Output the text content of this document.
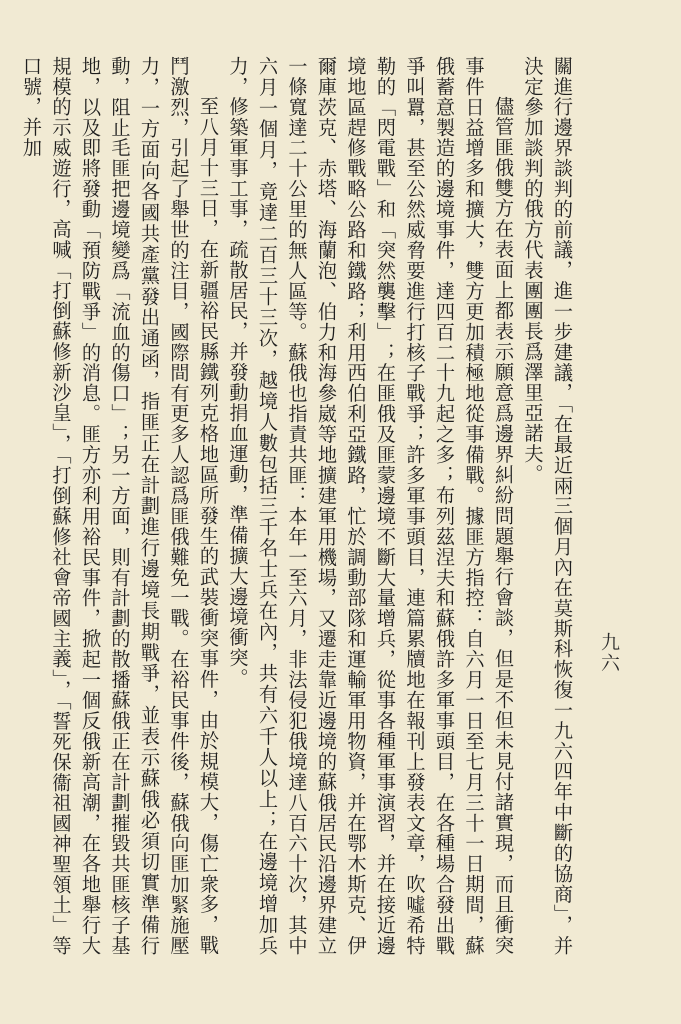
九六

關進行邊界談判的前議，進一步建議，「在最近兩三個月內在莫斯科恢復一九六四年中斷的協商」，并決定參加談判的俄方代表團團長爲澤里亞諾夫。

儘管匪俄雙方在表面上都表示願意爲邊界糾紛問題舉行會談，但是不但未見付諸實現，而且衝突事件日益增多和擴大，雙方更加積極地從事備戰。據匪方指控：自六月一日至七月三十一日期間，蘇俄蓄意製造的邊境事件，達四百二十九起之多；布列茲涅夫和蘇俄許多軍事頭目，在各種場合發出戰爭叫囂，甚至公然威脅要進行打核子戰爭；許多軍事頭目，連篇累牘地在報刊上發表文章，吹噓希特勒的「閃電戰」和「突然襲擊」；在匪俄及匪蒙邊境不斷大量增兵，從事各種軍事演習，并在接近邊境地區趕修戰略公路和鐵路；利用西伯利亞鐵路，忙於調動部隊和運輸軍用物資，并在鄂木斯克、伊爾庫茨克、赤塔、海蘭泡、伯力和海參崴等地擴建軍用機場，又遷走靠近邊境的蘇俄居民沿邊界建立一條寬達二十公里的無人區等。蘇俄也指責共匪：本年一至六月，非法侵犯俄境達八百六十次，其中六月一個月，竟達二百三十三次，越境人數包括三千名士兵在內，共有六千人以上；在邊境增加兵力，修築軍事工事，疏散居民，并發動捐血運動，準備擴大邊境衝突。

至八月十三日，在新疆裕民縣鐵列克格地區所發生的武裝衝突事件，由於規模大，傷亡衆多，戰鬥激烈，引起了舉世的注目，國際間有更多人認爲匪俄難免一戰。在裕民事件後，蘇俄向匪加緊施壓力，一方面向各國共產黨發出通函，指匪正在計劃進行邊境長期戰爭，並表示蘇俄必須切實準備行動，阻止毛匪把邊境變爲「流血的傷口」；另一方面，則有計劃的散播蘇俄正在計劃摧毀共匪核子基地，以及即將發動「預防戰爭」的消息。匪方亦利用裕民事件，掀起一個反俄新高潮，在各地舉行大規模的示威遊行，高喊「打倒蘇修新沙皇」，「打倒蘇修社會帝國主義」，「誓死保衞祖國神聖領土」等口號，并加
